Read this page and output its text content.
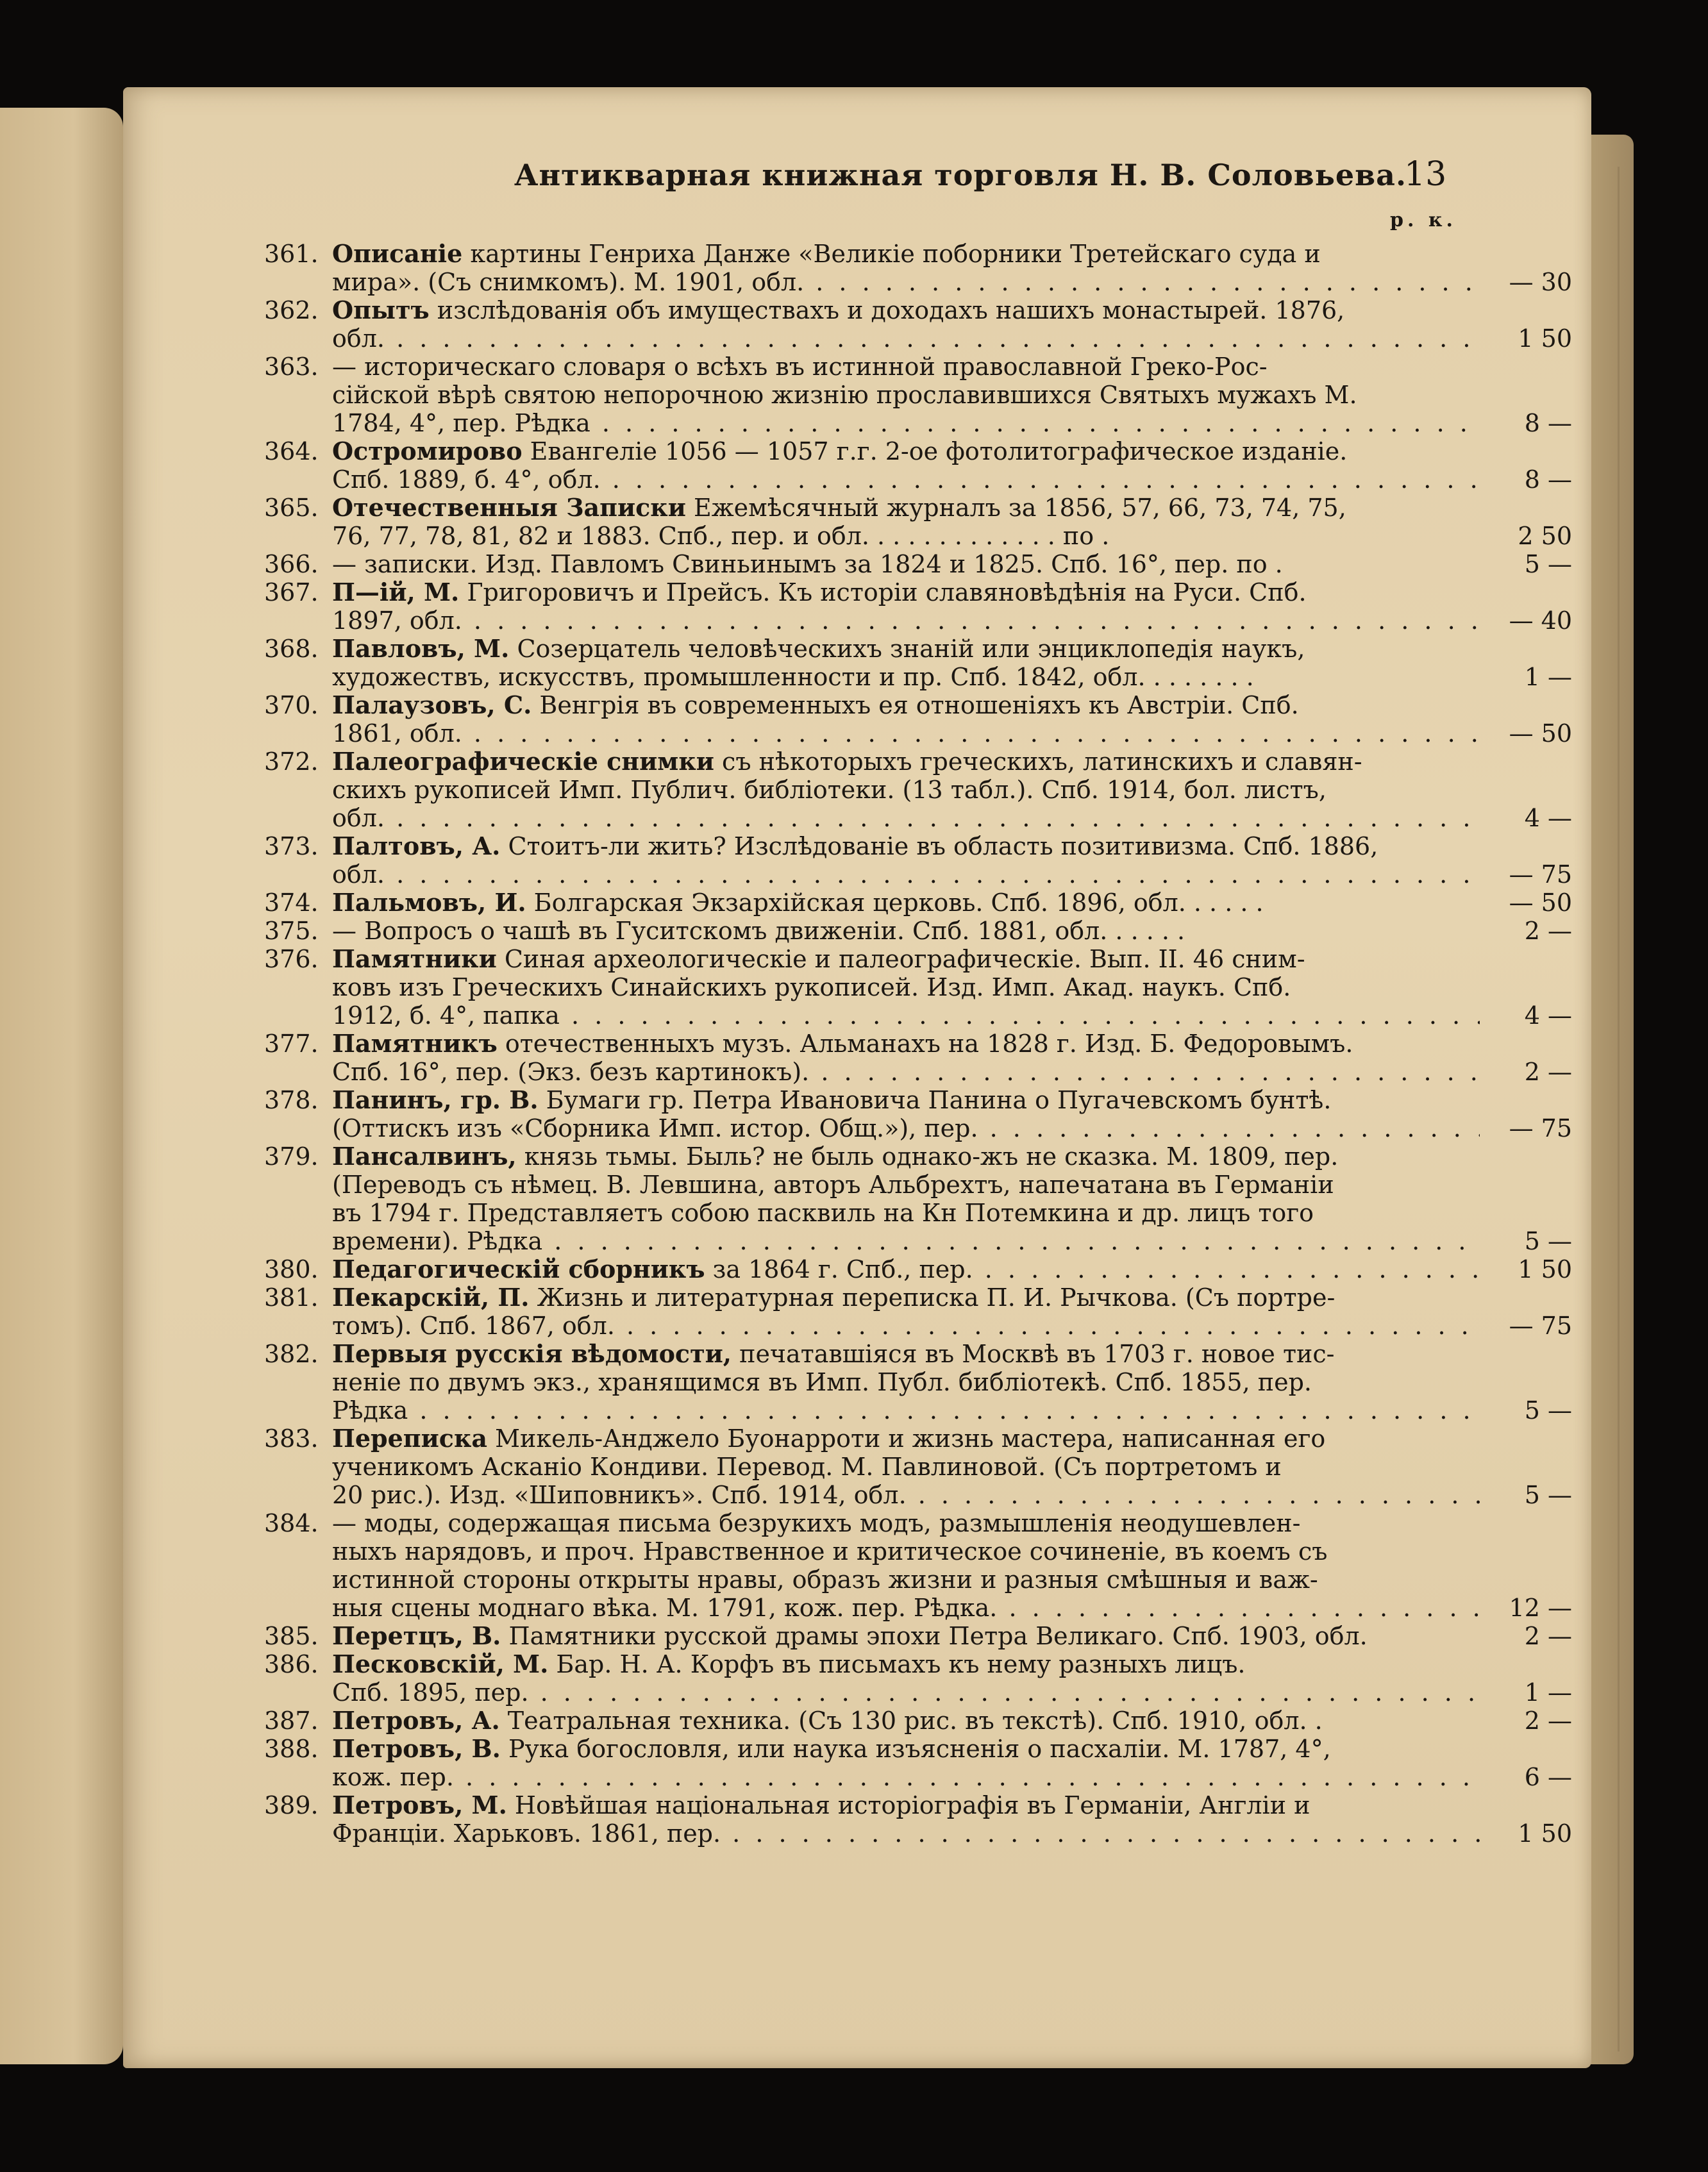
Антикварная книжная торговля Н. В. Соловьева.
13
р. к.
361. Описаніе картины Генриха Данже «Великіе поборники Третейскаго суда и
мира». (Съ снимкомъ). М. 1901, обл. . . .	— 30
362. Опытъ изслѣдованія объ имуществахъ и доходахъ нашихъ монастырей. 1876,
обл. . . .	1 50
363. — историческаго словаря о всѣхъ въ истинной православной Греко-Рос-
сійской вѣрѣ святою непорочною жизнію прославившихся Святыхъ мужахъ М.
1784, 4°, пер. Рѣдка . . .	8 —
364. Остромирово Евангеліе 1056 — 1057 г.г. 2-ое фотолитографическое изданіе.
Спб. 1889, б. 4°, обл. . . .	8 —
365. Отечественныя Записки Ежемѣсячный журналъ за 1856, 57, 66, 73, 74, 75,
76, 77, 78, 81, 82 и 1883. Спб., пер. и обл. . . . . . . . . . . . . по .	2 50
366. — записки. Изд. Павломъ Свиньинымъ за 1824 и 1825. Спб. 16°, пер. по .	5 —
367. П—ій, М. Григоровичъ и Прейсъ. Къ исторіи славяновѣдѣнія на Руси. Спб.
1897, обл. . . .	— 40
368. Павловъ, М. Созерцатель человѣческихъ знаній или энциклопедія наукъ,
художествъ, искусствъ, промышленности и пр. Спб. 1842, обл. . . . . . . .	1 —
370. Палаузовъ, С. Венгрія въ современныхъ ея отношеніяхъ къ Австріи. Спб.
1861, обл. . . .	— 50
372. Палеографическіе снимки съ нѣкоторыхъ греческихъ, латинскихъ и славян-
скихъ рукописей Имп. Публич. библіотеки. (13 табл.). Спб. 1914, бол. листъ,
обл. . . .	4 —
373. Палтовъ, А. Стоитъ-ли жить? Изслѣдованіе въ область позитивизма. Спб. 1886,
обл. . . .	— 75
374. Пальмовъ, И. Болгарская Экзархійская церковь. Спб. 1896, обл. . . . . .	— 50
375. — Вопросъ о чашѣ въ Гуситскомъ движеніи. Спб. 1881, обл. . . . . .	2 —
376. Памятники Синая археологическіе и палеографическіе. Вып. II. 46 сним-
ковъ изъ Греческихъ Синайскихъ рукописей. Изд. Имп. Акад. наукъ. Спб.
1912, б. 4°, папка . . .	4 —
377. Памятникъ отечественныхъ музъ. Альманахъ на 1828 г. Изд. Б. Федоровымъ.
Спб. 16°, пер. (Экз. безъ картинокъ). . . .	2 —
378. Панинъ, гр. В. Бумаги гр. Петра Ивановича Панина о Пугачевскомъ бунтѣ.
(Оттискъ изъ «Сборника Имп. истор. Общ.»), пер. . . .	— 75
379. Пансалвинъ, князь тьмы. Быль? не быль однако-жъ не сказка. М. 1809, пер.
(Переводъ съ нѣмец. В. Левшина, авторъ Альбрехтъ, напечатана въ Германіи
въ 1794 г. Представляетъ собою пасквиль на Кн Потемкина и др. лицъ того
времени). Рѣдка . . .	5 —
380. Педагогическій сборникъ за 1864 г. Спб., пер. . . .	1 50
381. Пекарскій, П. Жизнь и литературная переписка П. И. Рычкова. (Съ портре-
томъ). Спб. 1867, обл. . . .	— 75
382. Первыя русскія вѣдомости, печатавшіяся въ Москвѣ въ 1703 г. новое тис-
неніе по двумъ экз., хранящимся въ Имп. Публ. библіотекѣ. Спб. 1855, пер.
Рѣдка . . .	5 —
383. Переписка Микель-Анджело Буонарроти и жизнь мастера, написанная его
ученикомъ Асканіо Кондиви. Перевод. М. Павлиновой. (Съ портретомъ и
20 рис.). Изд. «Шиповникъ». Спб. 1914, обл. . . .	5 —
384. — моды, содержащая письма безрукихъ модъ, размышленія неодушевлен-
ныхъ нарядовъ, и проч. Нравственное и критическое сочиненіе, въ коемъ съ
истинной стороны открыты нравы, образъ жизни и разныя смѣшныя и важ-
ныя сцены моднаго вѣка. М. 1791, кож. пер. Рѣдка. . . .	12 —
385. Перетцъ, В. Памятники русской драмы эпохи Петра Великаго. Спб. 1903, обл.	2 —
386. Песковскій, М. Бар. Н. А. Корфъ въ письмахъ къ нему разныхъ лицъ.
Спб. 1895, пер. . . .	1 —
387. Петровъ, А. Театральная техника. (Съ 130 рис. въ текстѣ). Спб. 1910, обл. .	2 —
388. Петровъ, В. Рука богословля, или наука изъясненія о пасхаліи. М. 1787, 4°,
кож. пер. . . .	6 —
389. Петровъ, М. Новѣйшая національная исторіографія въ Германіи, Англіи и
Франціи. Харьковъ. 1861, пер. . . .	1 50
